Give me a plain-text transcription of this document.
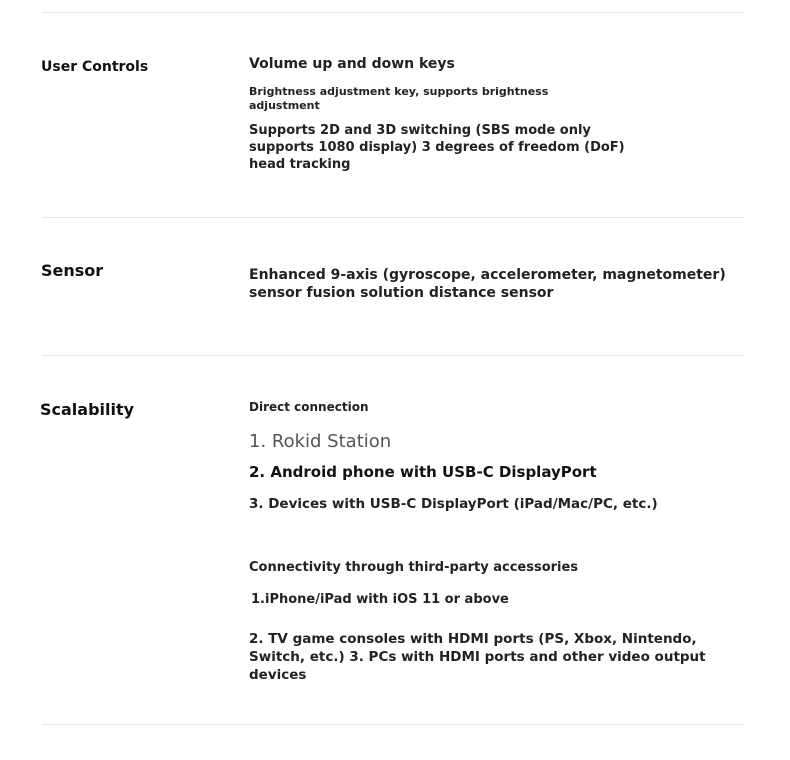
User Controls	Volume up and down keys
Brightness adjustment key, supports brightness adjustment
Supports 2D and 3D switching (SBS mode only supports 1080 display) 3 degrees of freedom (DoF) head tracking
Sensor	Enhanced 9-axis (gyroscope, accelerometer, magnetometer) sensor fusion solution distance sensor
Scalability	Direct connection
1. Rokid Station
2. Android phone with USB-C DisplayPort
3. Devices with USB-C DisplayPort (iPad/Mac/PC, etc.)
Connectivity through third-party accessories
1.iPhone/iPad with iOS 11 or above
2. TV game consoles with HDMI ports (PS, Xbox, Nintendo, Switch, etc.) 3. PCs with HDMI ports and other video output devices
